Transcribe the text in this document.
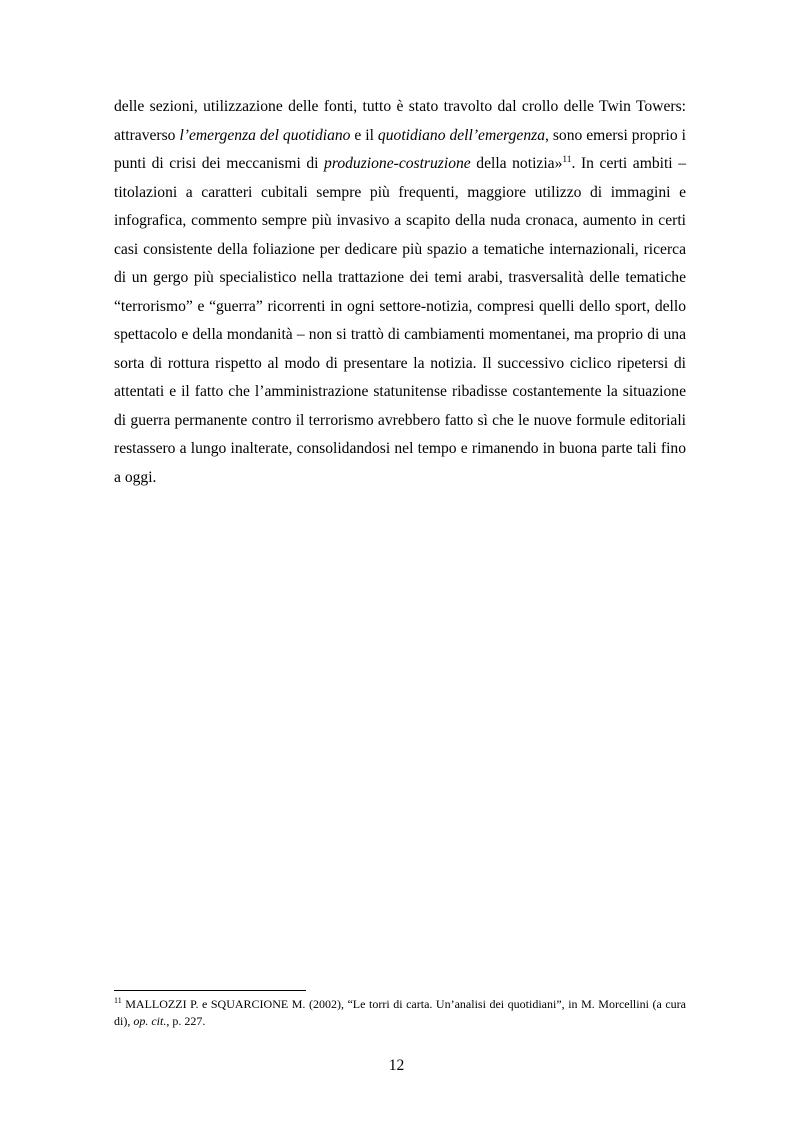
delle sezioni, utilizzazione delle fonti, tutto è stato travolto dal crollo delle Twin Towers: attraverso l’emergenza del quotidiano e il quotidiano dell’emergenza, sono emersi proprio i punti di crisi dei meccanismi di produzione-costruzione della notizia»$^{11}$. In certi ambiti – titolazioni a caratteri cubitali sempre più frequenti, maggiore utilizzo di immagini e infografica, commento sempre più invasivo a scapito della nuda cronaca, aumento in certi casi consistente della foliazione per dedicare più spazio a tematiche internazionali, ricerca di un gergo più specialistico nella trattazione dei temi arabi, trasversalità delle tematiche “terrorismo” e “guerra” ricorrenti in ogni settore-notizia, compresi quelli dello sport, dello spettacolo e della mondanità – non si trattò di cambiamenti momentanei, ma proprio di una sorta di rottura rispetto al modo di presentare la notizia. Il successivo ciclico ripetersi di attentati e il fatto che l’amministrazione statunitense ribadisse costantemente la situazione di guerra permanente contro il terrorismo avrebbero fatto sì che le nuove formule editoriali restassero a lungo inalterate, consolidandosi nel tempo e rimanendo in buona parte tali fino a oggi.

$^{11}$ MALLOZZI P. e SQUARCIONE M. (2002), “Le torri di carta. Un’analisi dei quotidiani”, in M. Morcellini (a cura di), op. cit., p. 227.

12
